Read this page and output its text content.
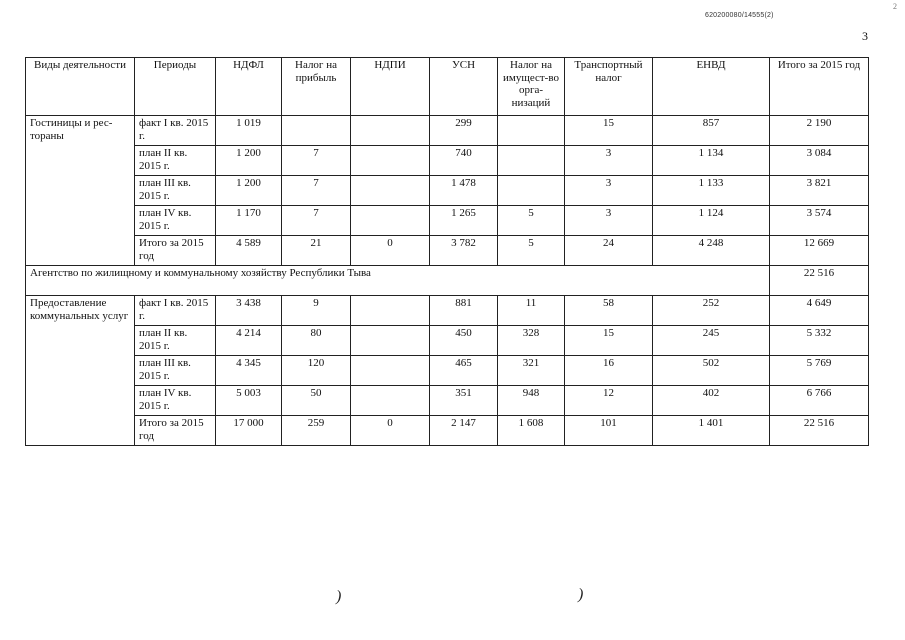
620200080/14555(2)
2
3
Виды деятельности	Периоды	НДФЛ	Налог на прибыль	НДПИ	УСН	Налог на имущест-во орга-низаций	Транспортный налог	ЕНВД	Итого за 2015 год
Гостиницы и рес-тораны	факт I кв. 2015 г.	1 019			299		15	857	2 190
	план II кв. 2015 г.	1 200	7		740		3	1 134	3 084
	план III кв. 2015 г.	1 200	7		1 478		3	1 133	3 821
	план IV кв. 2015 г.	1 170	7		1 265	5	3	1 124	3 574
	Итого за 2015 год	4 589	21	0	3 782	5	24	4 248	12 669
Агентство по жилищному и коммунальному хозяйству Республики Тыва									22 516
Предоставление коммунальных услуг	факт I кв. 2015 г.	3 438	9		881	11	58	252	4 649
	план II кв. 2015 г.	4 214	80		450	328	15	245	5 332
	план III кв. 2015 г.	4 345	120		465	321	16	502	5 769
	план IV кв. 2015 г.	5 003	50		351	948	12	402	6 766
	Итого за 2015 год	17 000	259	0	2 147	1 608	101	1 401	22 516
)	)
